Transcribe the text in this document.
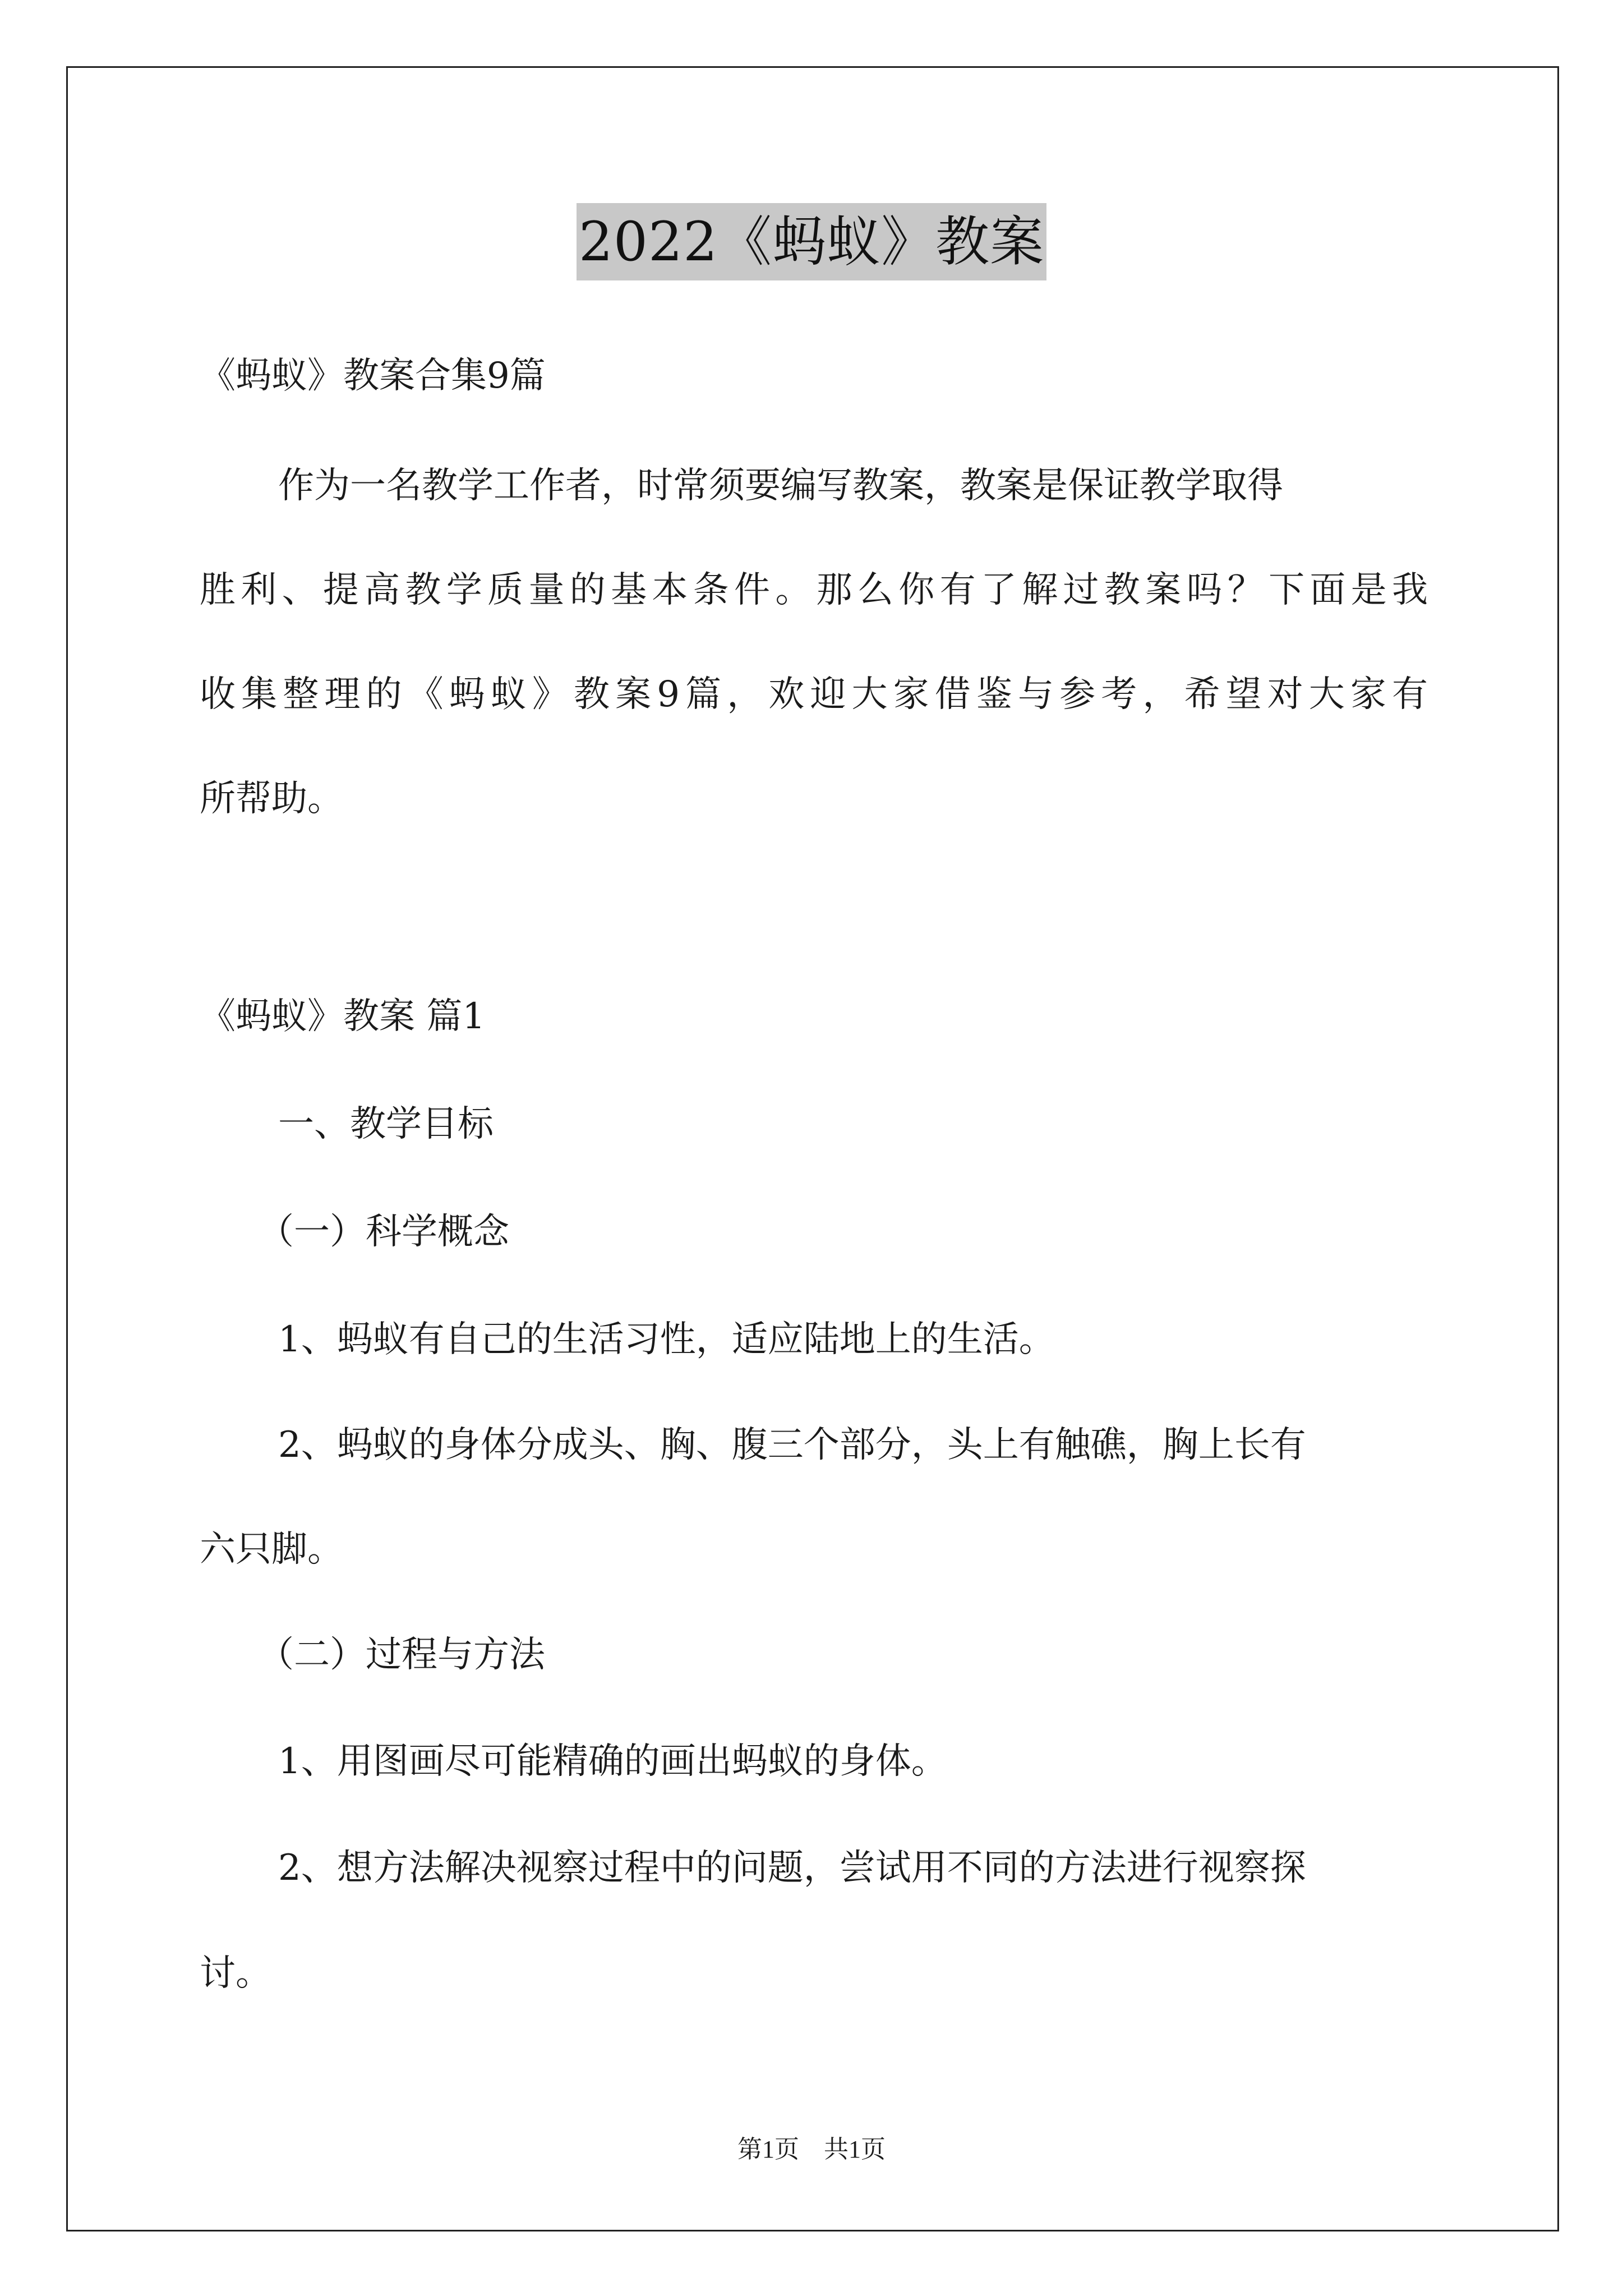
2022《蚂蚁》教案
《蚂蚁》教案合集9篇
作为一名教学工作者，时常须要编写教案，教案是保证教学取得
胜利、提高教学质量的基本条件。那么你有了解过教案吗？下面是我
收集整理的《蚂蚁》教案9篇，欢迎大家借鉴与参考，希望对大家有
所帮助。
《蚂蚁》教案 篇1
一、教学目标
（一）科学概念
1、蚂蚁有自己的生活习性，适应陆地上的生活。
2、蚂蚁的身体分成头、胸、腹三个部分，头上有触礁，胸上长有
六只脚。
（二）过程与方法
1、用图画尽可能精确的画出蚂蚁的身体。
2、想方法解决视察过程中的问题，尝试用不同的方法进行视察探
讨。
第1页 共1页
